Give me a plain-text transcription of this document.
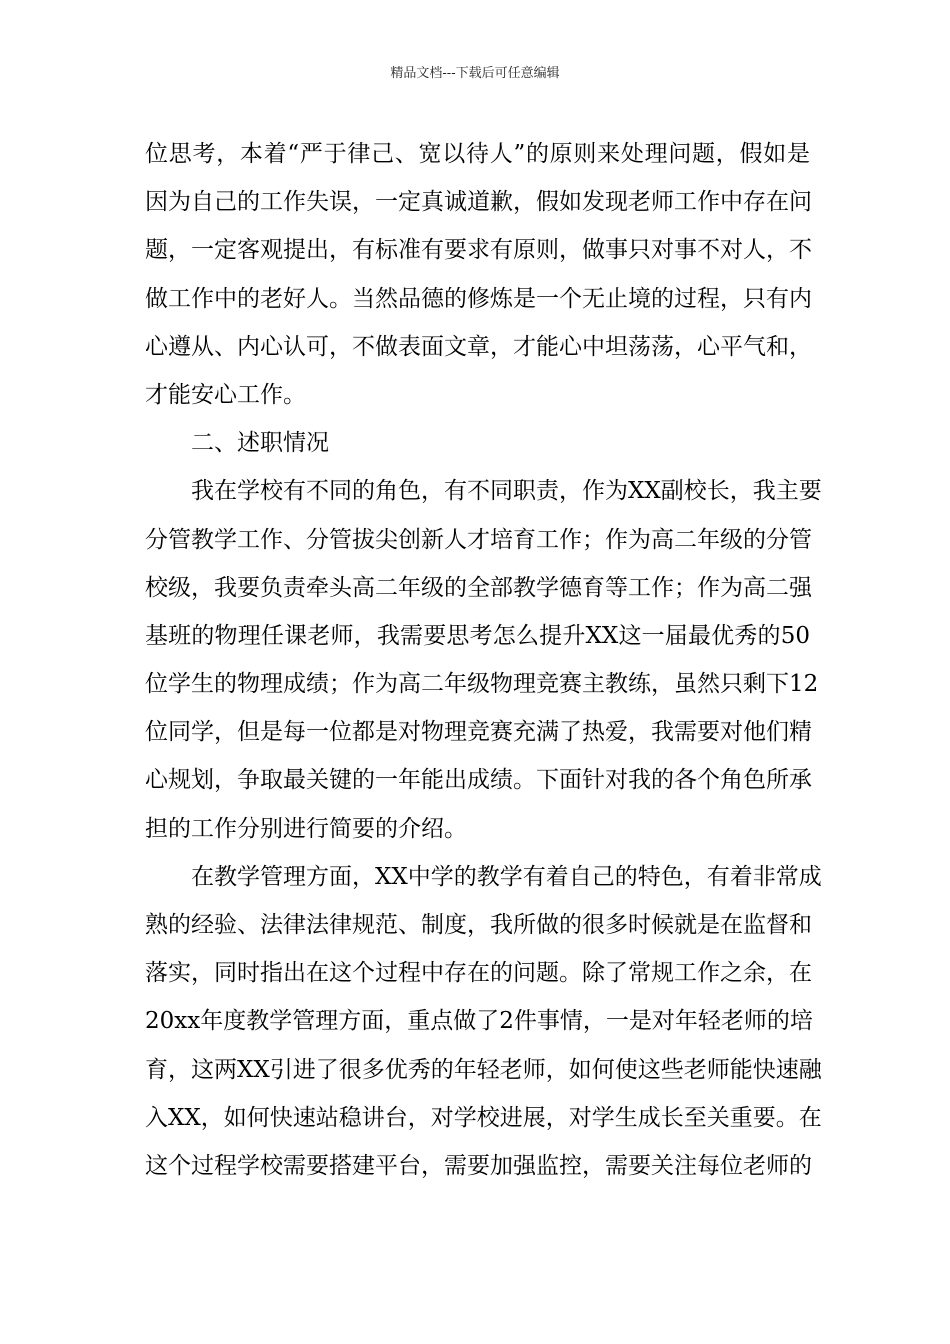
精品文档---下载后可任意编辑
位思考，本着“严于律己、宽以待人”的原则来处理问题，假如是
因为自己的工作失误，一定真诚道歉，假如发现老师工作中存在问
题，一定客观提出，有标准有要求有原则，做事只对事不对人，不
做工作中的老好人。当然品德的修炼是一个无止境的过程，只有内
心遵从、内心认可，不做表面文章，才能心中坦荡荡，心平气和，
才能安心工作。
二、述职情况
我在学校有不同的角色，有不同职责，作为XX副校长，我主要
分管教学工作、分管拔尖创新人才培育工作；作为高二年级的分管
校级，我要负责牵头高二年级的全部教学德育等工作；作为高二强
基班的物理任课老师，我需要思考怎么提升XX这一届最优秀的50
位学生的物理成绩；作为高二年级物理竞赛主教练，虽然只剩下12
位同学，但是每一位都是对物理竞赛充满了热爱，我需要对他们精
心规划，争取最关键的一年能出成绩。下面针对我的各个角色所承
担的工作分别进行简要的介绍。
在教学管理方面，XX中学的教学有着自己的特色，有着非常成
熟的经验、法律法律规范、制度，我所做的很多时候就是在监督和
落实，同时指出在这个过程中存在的问题。除了常规工作之余，在
20xx年度教学管理方面，重点做了2件事情，一是对年轻老师的培
育，这两XX引进了很多优秀的年轻老师，如何使这些老师能快速融
入XX，如何快速站稳讲台，对学校进展，对学生成长至关重要。在
这个过程学校需要搭建平台，需要加强监控，需要关注每位老师的
